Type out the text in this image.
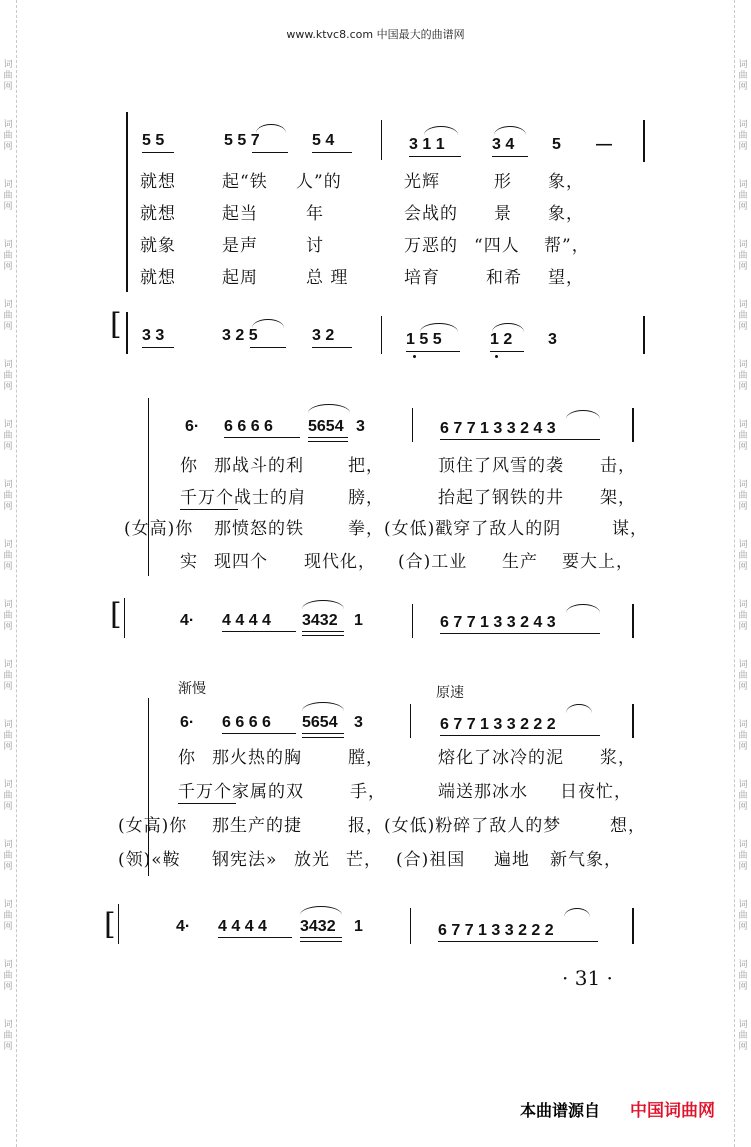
词曲网
词曲网
词曲网
词曲网
词曲网
词曲网
词曲网
词曲网
词曲网
词曲网
词曲网
词曲网
词曲网
词曲网
词曲网
词曲网
词曲网
词曲网
词曲网
词曲网
词曲网
词曲网
词曲网
词曲网
词曲网
词曲网
词曲网
词曲网
词曲网
词曲网
词曲网
词曲网
词曲网
词曲网
www.ktvc8.com 中国最大的曲谱网
5 5	5 5 7	5 4	3 1 1	3 4 5 —
就想	起“铁 人”的	光辉	形 象，
就想	起当	年	会战的 景 象，
就象	是声	讨	万恶的 “四人 帮”，
就想	起周	总 理	培育	和希 望，
[ 3 3	3 2 5	3 2	1 5 5	1 2 3
6· 6 6 6 6 5654 3	6 7 7 1 3 3 2 4 3
你 那战斗的利	把，	顶住了风雪的袭 击，
千万个战士的肩 膀，	抬起了钢铁的井 架，
(女高)你 那愤怒的铁	拳，(女低)戳穿了敌人的阴	谋，
实 现四个 现代化， (合)工业 生产 要大上，
[	4· 4 4 4 4 3432 1	6 7 7 1 3 3 2 4 3
渐慢	原速
6· 6 6 6 6 5654 3	6 7 7 1 3 3 2 2 2
你 那火热的胸	膛，	熔化了冰冷的泥 浆，
千万个家属的双	手，	端送那冰水 日夜忙，
(女高)你 那生产的捷	报，(女低)粉碎了敌人的梦	想，
(领)«鞍 钢宪法» 放光 芒， (合)祖国 遍地 新气象，
[	4· 4 4 4 4 3432 1	6 7 7 1 3 3 2 2 2
· 31 ·
本曲谱源自 中国词曲网
